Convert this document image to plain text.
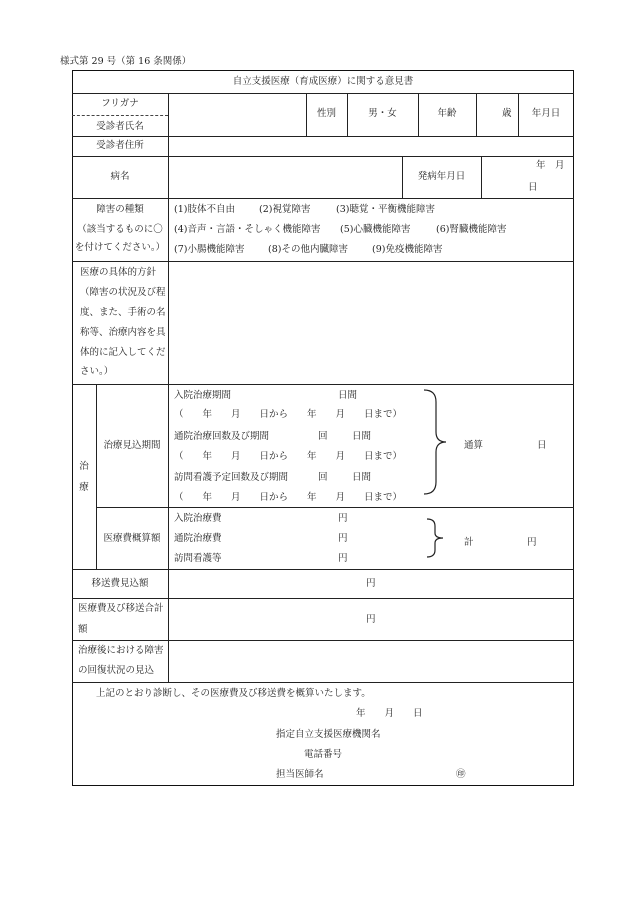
様式第 29 号（第 16 条関係）
自立支援医療（育成医療）に関する意見書
フリガナ
受診者氏名
性別	男・女	年齢	歳	年月日
受診者住所
病名	発病年月日
年　月
日
障害の種類
（該当するものに〇
を付けてください。）
(1)肢体不自由	(2)視覚障害	(3)聴覚・平衡機能障害
(4)音声・言語・そしゃく機能障害 (5)心臓機能障害	(6)腎臓機能障害
(7)小腸機能障害 (8)その他内臓障害	(9)免疫機能障害
医療の具体的方針
（障害の状況及び程
度、また、手術の名
称等、治療内容を具
体的に記入してくだ
さい。）
治
療
治療見込期間
入院治療期間	日間
（　　年　　月　　日から　　年　　月　　日まで）
通院治療回数及び期間	回	日間
（　　年　　月　　日から　　年　　月　　日まで）
訪問看護予定回数及び期間	回	日間
（　　年　　月　　日から　　年　　月　　日まで）
通算	日
医療費概算額
入院治療費	円
通院治療費	円
訪問看護等	円
計	円
移送費見込額	円
医療費及び移送合計
額
円
治療後における障害
の回復状況の見込
上記のとおり診断し、その医療費及び移送費を概算いたします。
年　　月　　日
指定自立支援医療機関名
電話番号
担当医師名	㊞
